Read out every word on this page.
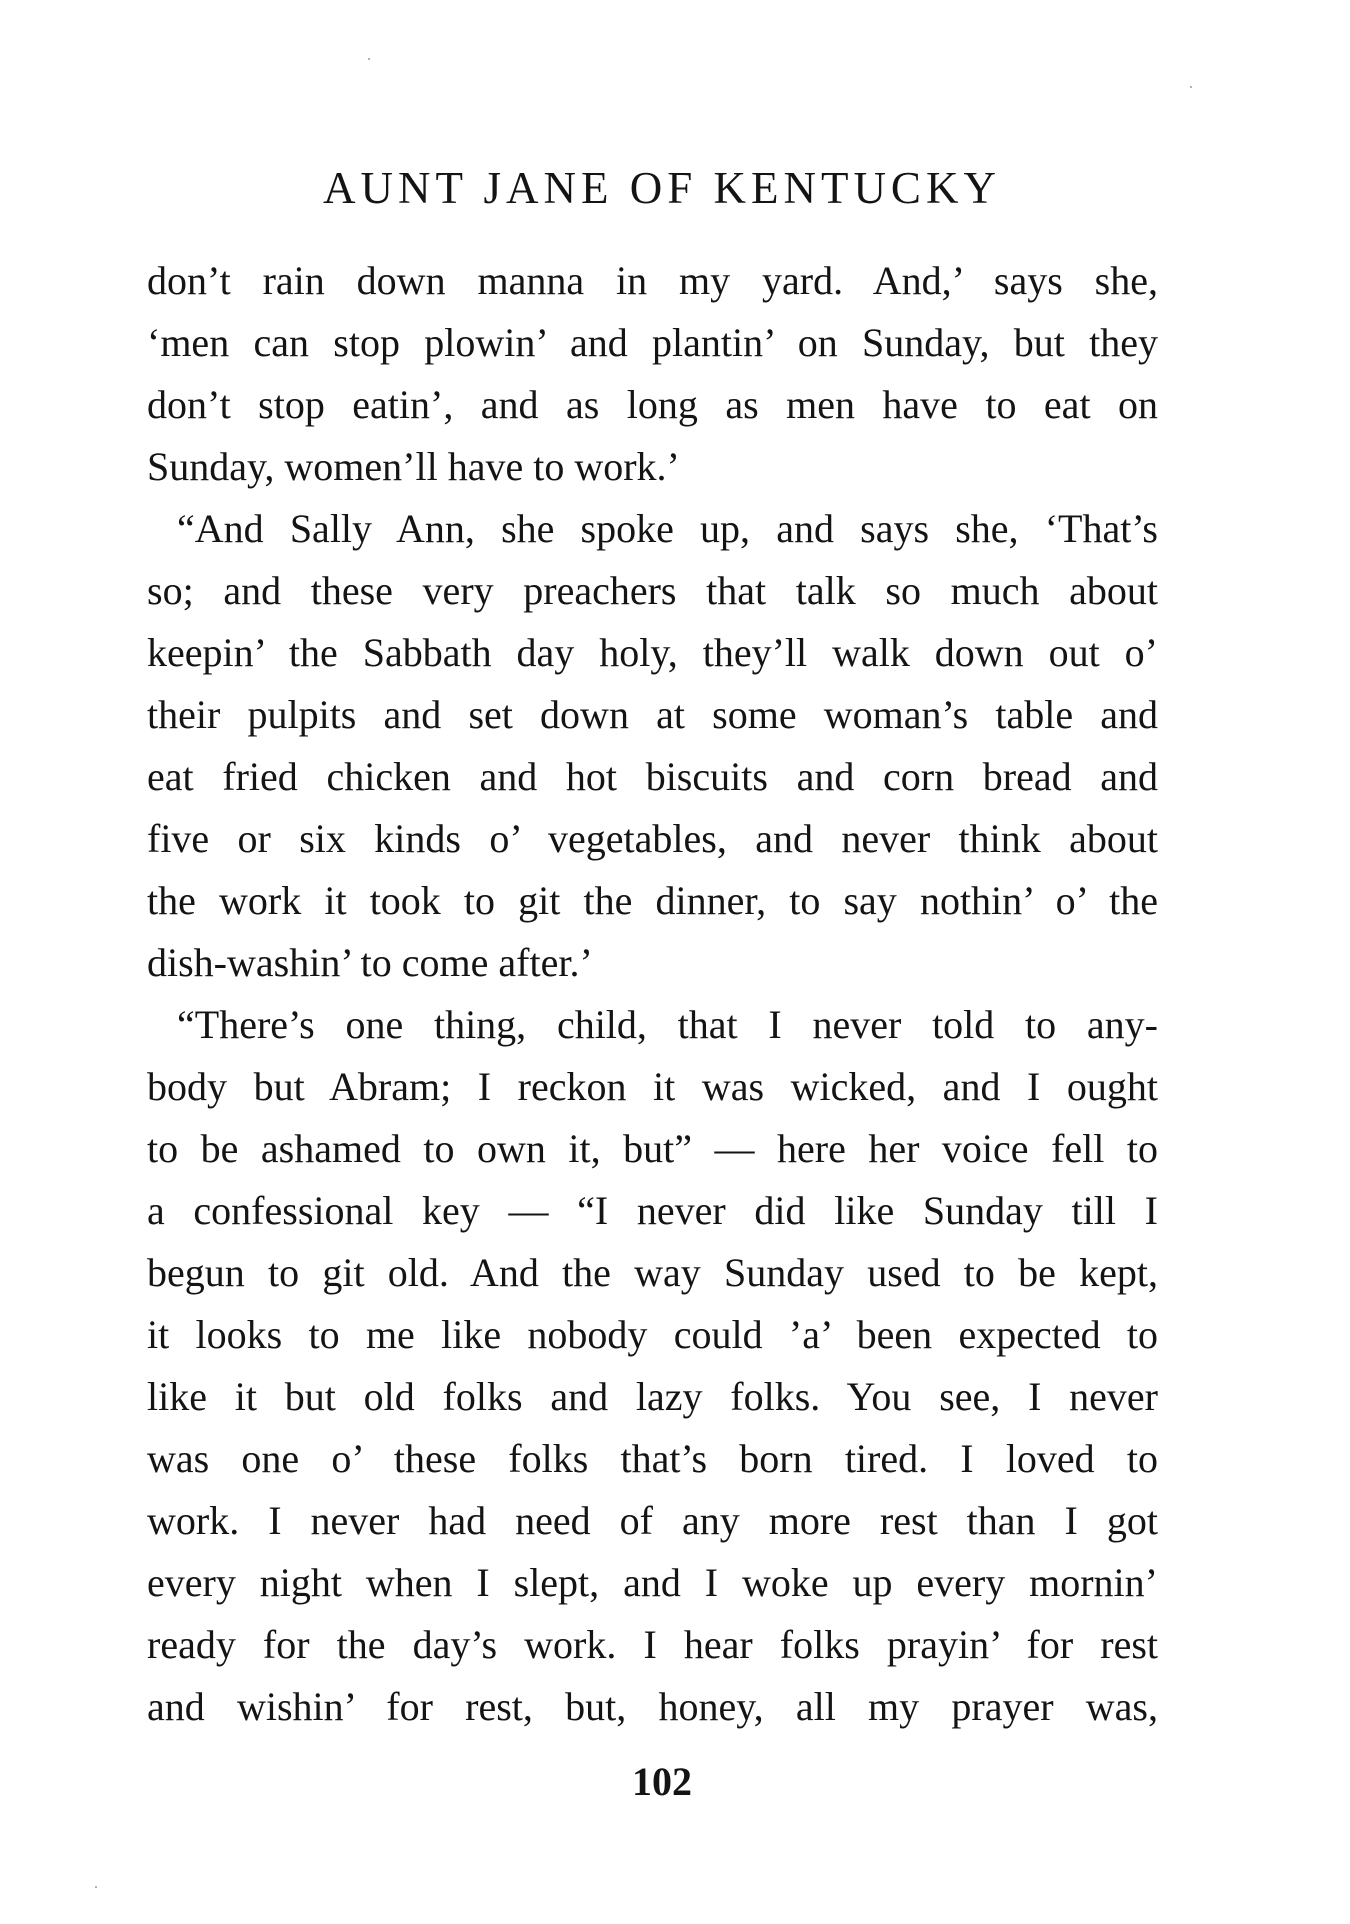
AUNT JANE OF KENTUCKY
don’t rain down manna in my yard. And,’ says she,
‘men can stop plowin’ and plantin’ on Sunday, but they
don’t stop eatin’, and as long as men have to eat on
Sunday, women’ll have to work.’
“And Sally Ann, she spoke up, and says she, ‘That’s
so; and these very preachers that talk so much about
keepin’ the Sabbath day holy, they’ll walk down out o’
their pulpits and set down at some woman’s table and
eat fried chicken and hot biscuits and corn bread and
five or six kinds o’ vegetables, and never think about
the work it took to git the dinner, to say nothin’ o’ the
dish-washin’ to come after.’
“There’s one thing, child, that I never told to any-
body but Abram; I reckon it was wicked, and I ought
to be ashamed to own it, but” — here her voice fell to
a confessional key — “I never did like Sunday till I
begun to git old. And the way Sunday used to be kept,
it looks to me like nobody could ’a’ been expected to
like it but old folks and lazy folks. You see, I never
was one o’ these folks that’s born tired. I loved to
work. I never had need of any more rest than I got
every night when I slept, and I woke up every mornin’
ready for the day’s work. I hear folks prayin’ for rest
and wishin’ for rest, but, honey, all my prayer was,
102
